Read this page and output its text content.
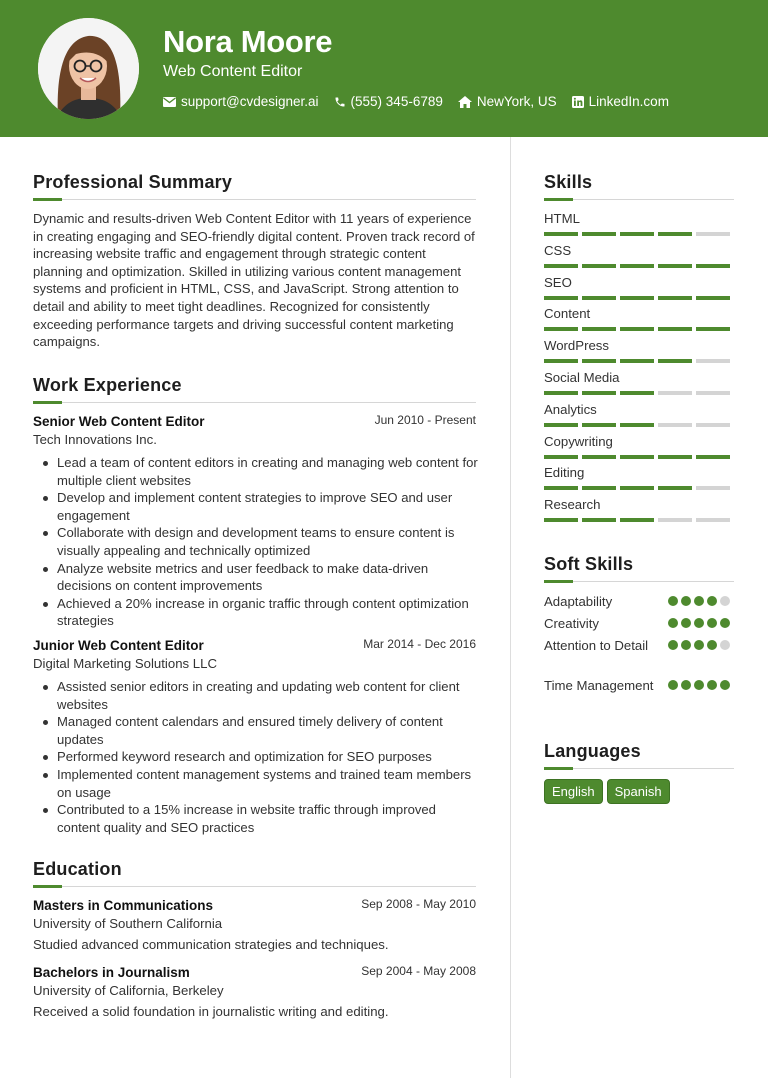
Nora Moore
Web Content Editor
support@cvdesigner.ai (555) 345-6789	NewYork, US LinkedIn.com
Professional Summary
Dynamic and results-driven Web Content Editor with 11 years of experience in creating engaging and SEO-friendly digital content. Proven track record of increasing website traffic and engagement through strategic content planning and optimization. Skilled in utilizing various content management systems and proficient in HTML, CSS, and JavaScript. Strong attention to detail and ability to meet tight deadlines. Recognized for consistently exceeding performance targets and driving successful content marketing campaigns.
Work Experience
Senior Web Content Editor	Jun 2010 - Present
Tech Innovations Inc.
Lead a team of content editors in creating and managing web content for multiple client websites
Develop and implement content strategies to improve SEO and user engagement
Collaborate with design and development teams to ensure content is visually appealing and technically optimized
Analyze website metrics and user feedback to make data-driven decisions on content improvements
Achieved a 20% increase in organic traffic through content optimization strategies
Junior Web Content Editor	Mar 2014 - Dec 2016
Digital Marketing Solutions LLC
Assisted senior editors in creating and updating web content for client websites
Managed content calendars and ensured timely delivery of content updates
Performed keyword research and optimization for SEO purposes
Implemented content management systems and trained team members on usage
Contributed to a 15% increase in website traffic through improved content quality and SEO practices
Education
Masters in Communications	Sep 2008 - May 2010
University of Southern California
Studied advanced communication strategies and techniques.
Bachelors in Journalism	Sep 2004 - May 2008
University of California, Berkeley
Received a solid foundation in journalistic writing and editing.
Skills
HTML
CSS
SEO
Content
WordPress
Social Media
Analytics
Copywriting
Editing
Research
Soft Skills
Adaptability
Creativity
Attention to Detail
Time Management
Languages
English	Spanish
